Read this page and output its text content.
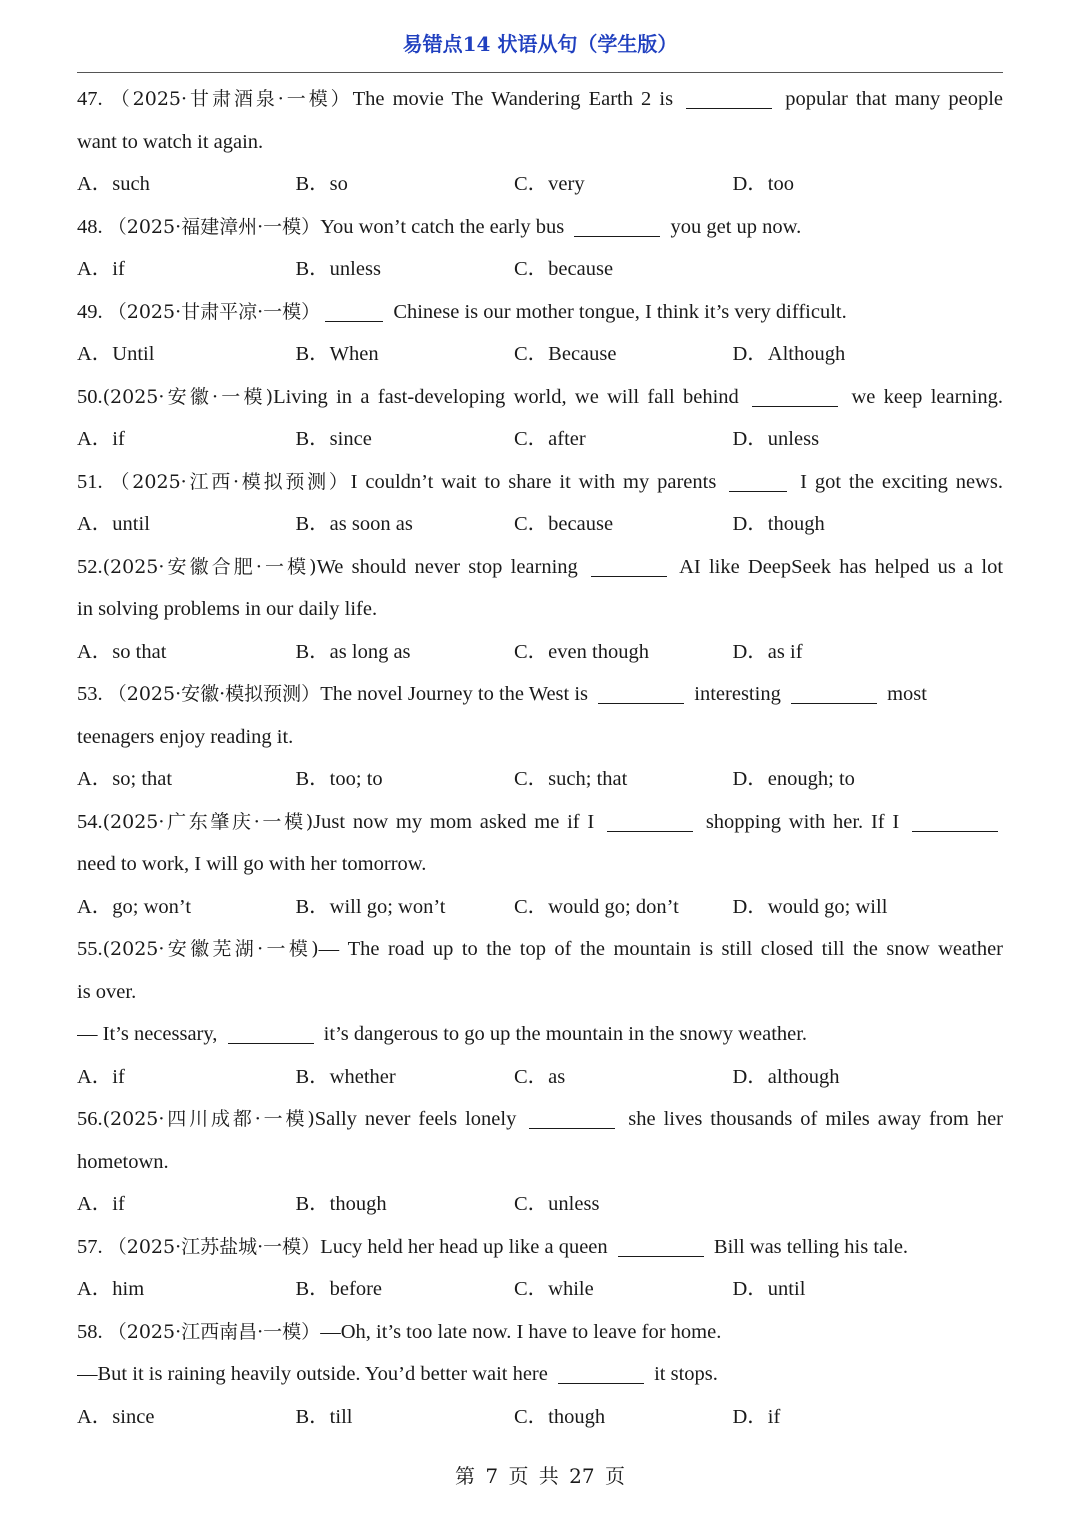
易错点14 状语从句（学生版）
47. （2025·甘肃酒泉·一模）The movie The Wandering Earth 2 is	popular that many people
want to watch it again.
A．such	B．so	C．very	D．too
48. （2025·福建漳州·一模）You won’t catch the early bus	you get up now.
A．if	B．unless	C．because
49. （2025·甘肃平凉·一模）	Chinese is our mother tongue, I think it’s very difficult.
A．Until	B．When	C．Because	D．Although
50.(2025·安徽·一模)Living in a fast-developing world, we will fall behind	we keep learning.
A．if	B．since	C．after	D．unless
51. （2025·江西·模拟预测）I couldn’t wait to share it with my parents	I got the exciting news.
A．until	B．as soon as	C．because	D．though
52.(2025·安徽合肥·一模)We should never stop learning	AI like DeepSeek has helped us a lot
in solving problems in our daily life.
A．so that	B．as long as	C．even though	D．as if
53. （2025·安徽·模拟预测）The novel Journey to the West is	interesting	most
teenagers enjoy reading it.
A．so; that	B．too; to	C．such; that	D．enough; to
54.(2025·广东肇庆·一模)Just now my mom asked me if I	shopping with her. If I
need to work, I will go with her tomorrow.
A．go; won’t	B．will go; won’t	C．would go; don’t	D．would go; will
55.(2025·安徽芜湖·一模)— The road up to the top of the mountain is still closed till the snow weather
is over.
— It’s necessary,	it’s dangerous to go up the mountain in the snowy weather.
A．if	B．whether	C．as	D．although
56.(2025·四川成都·一模)Sally never feels lonely	she lives thousands of miles away from her
hometown.
A．if	B．though	C．unless
57. （2025·江苏盐城·一模）Lucy held her head up like a queen	Bill was telling his tale.
A．him	B．before	C．while	D．until
58. （2025·江西南昌·一模）—Oh, it’s too late now. I have to leave for home.
—But it is raining heavily outside. You’d better wait here	it stops.
A．since	B．till	C．though	D．if
第 7 页 共 27 页
